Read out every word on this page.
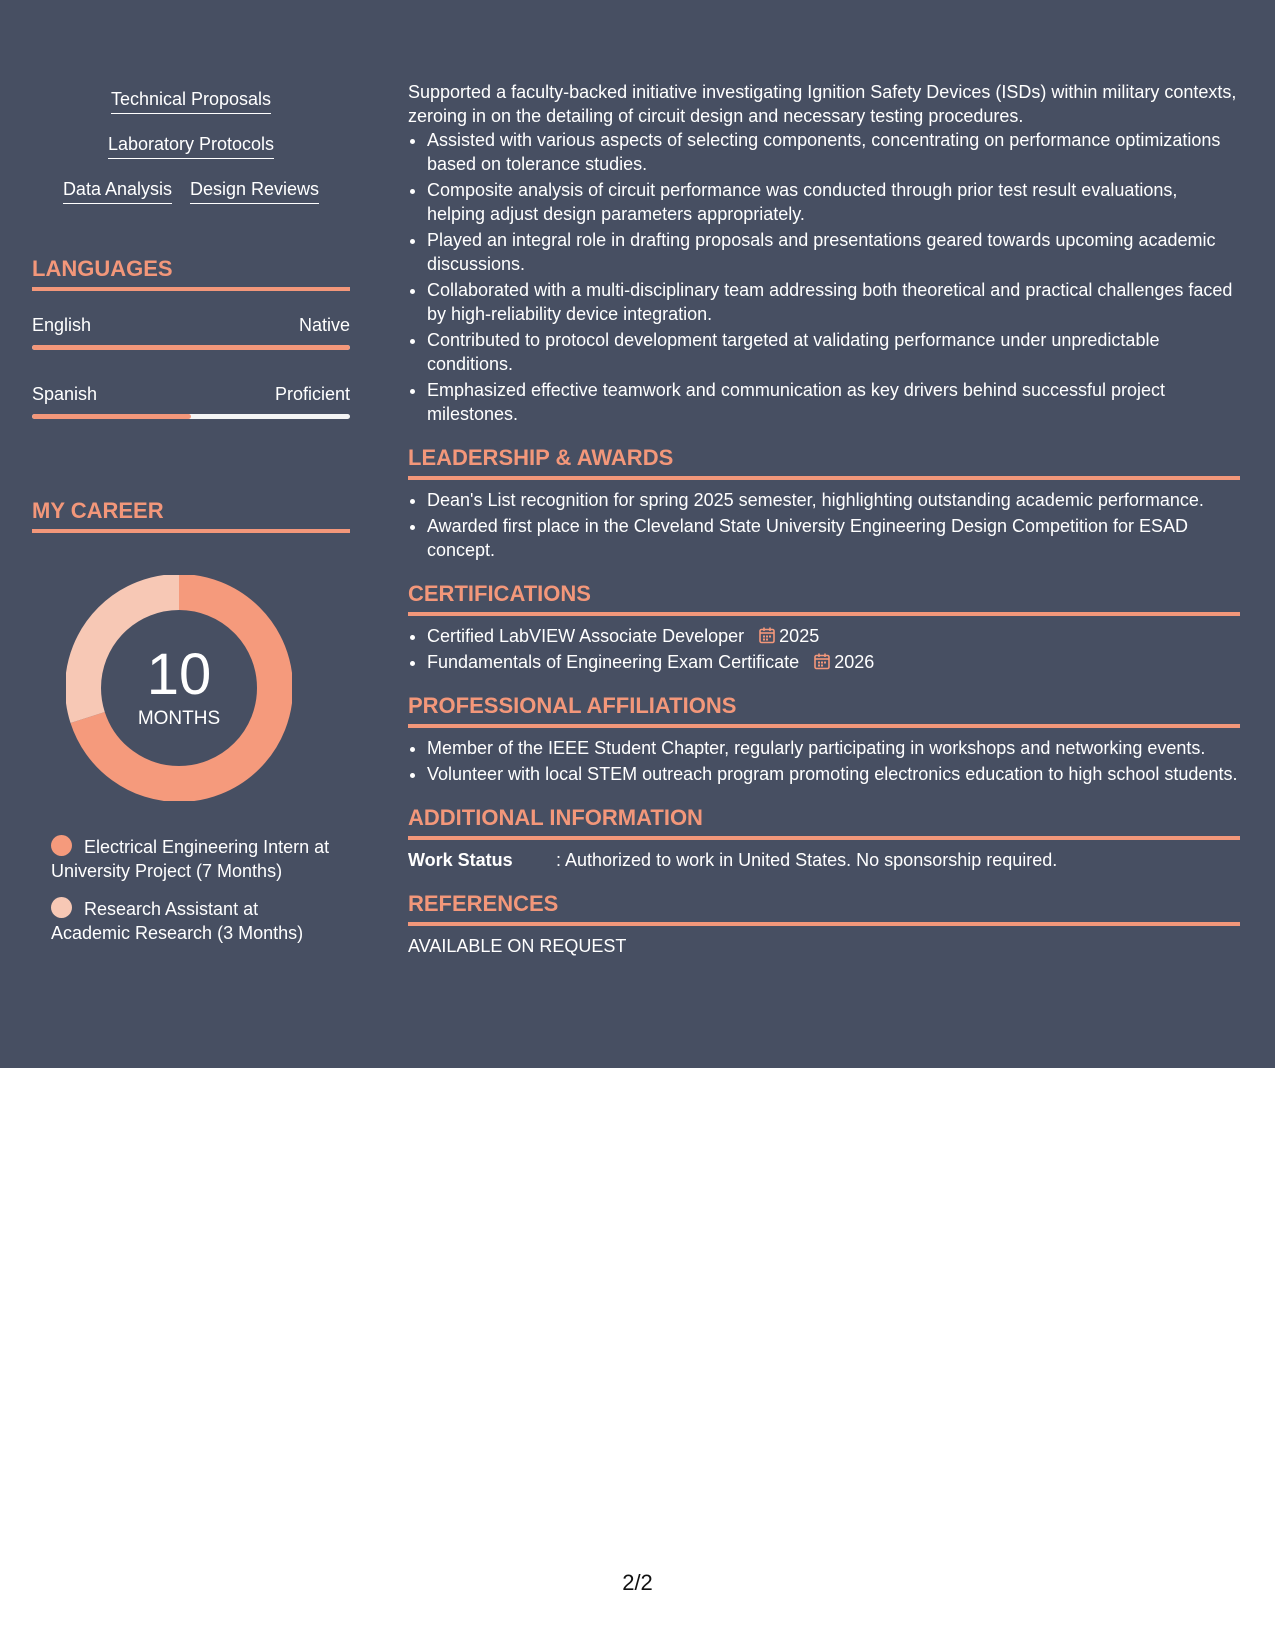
Technical Proposals
Laboratory Protocols
Data Analysis Design Reviews
LANGUAGES
English	Native
Spanish	Proficient
MY CAREER
10
MONTHS
Electrical Engineering Intern at University Project (7 Months)
Research Assistant at Academic Research (3 Months)

Supported a faculty-backed initiative investigating Ignition Safety Devices (ISDs) within military contexts, zeroing in on the detailing of circuit design and necessary testing procedures.

• Assisted with various aspects of selecting components, concentrating on performance optimizations based on tolerance studies.
• Composite analysis of circuit performance was conducted through prior test result evaluations, helping adjust design parameters appropriately.
• Played an integral role in drafting proposals and presentations geared towards upcoming academic discussions.
• Collaborated with a multi-disciplinary team addressing both theoretical and practical challenges faced by high-reliability device integration.
• Contributed to protocol development targeted at validating performance under unpredictable conditions.
• Emphasized effective teamwork and communication as key drivers behind successful project milestones.
LEADERSHIP & AWARDS
• Dean's List recognition for spring 2025 semester, highlighting outstanding academic performance.
• Awarded first place in the Cleveland State University Engineering Design Competition for ESAD concept.
CERTIFICATIONS
• Certified LabVIEW Associate Developer 2025
• Fundamentals of Engineering Exam Certificate 2026
PROFESSIONAL AFFILIATIONS
• Member of the IEEE Student Chapter, regularly participating in workshops and networking events.
• Volunteer with local STEM outreach program promoting electronics education to high school students.
ADDITIONAL INFORMATION
Work Status	: Authorized to work in United States. No sponsorship required.
REFERENCES
AVAILABLE ON REQUEST
2/2
